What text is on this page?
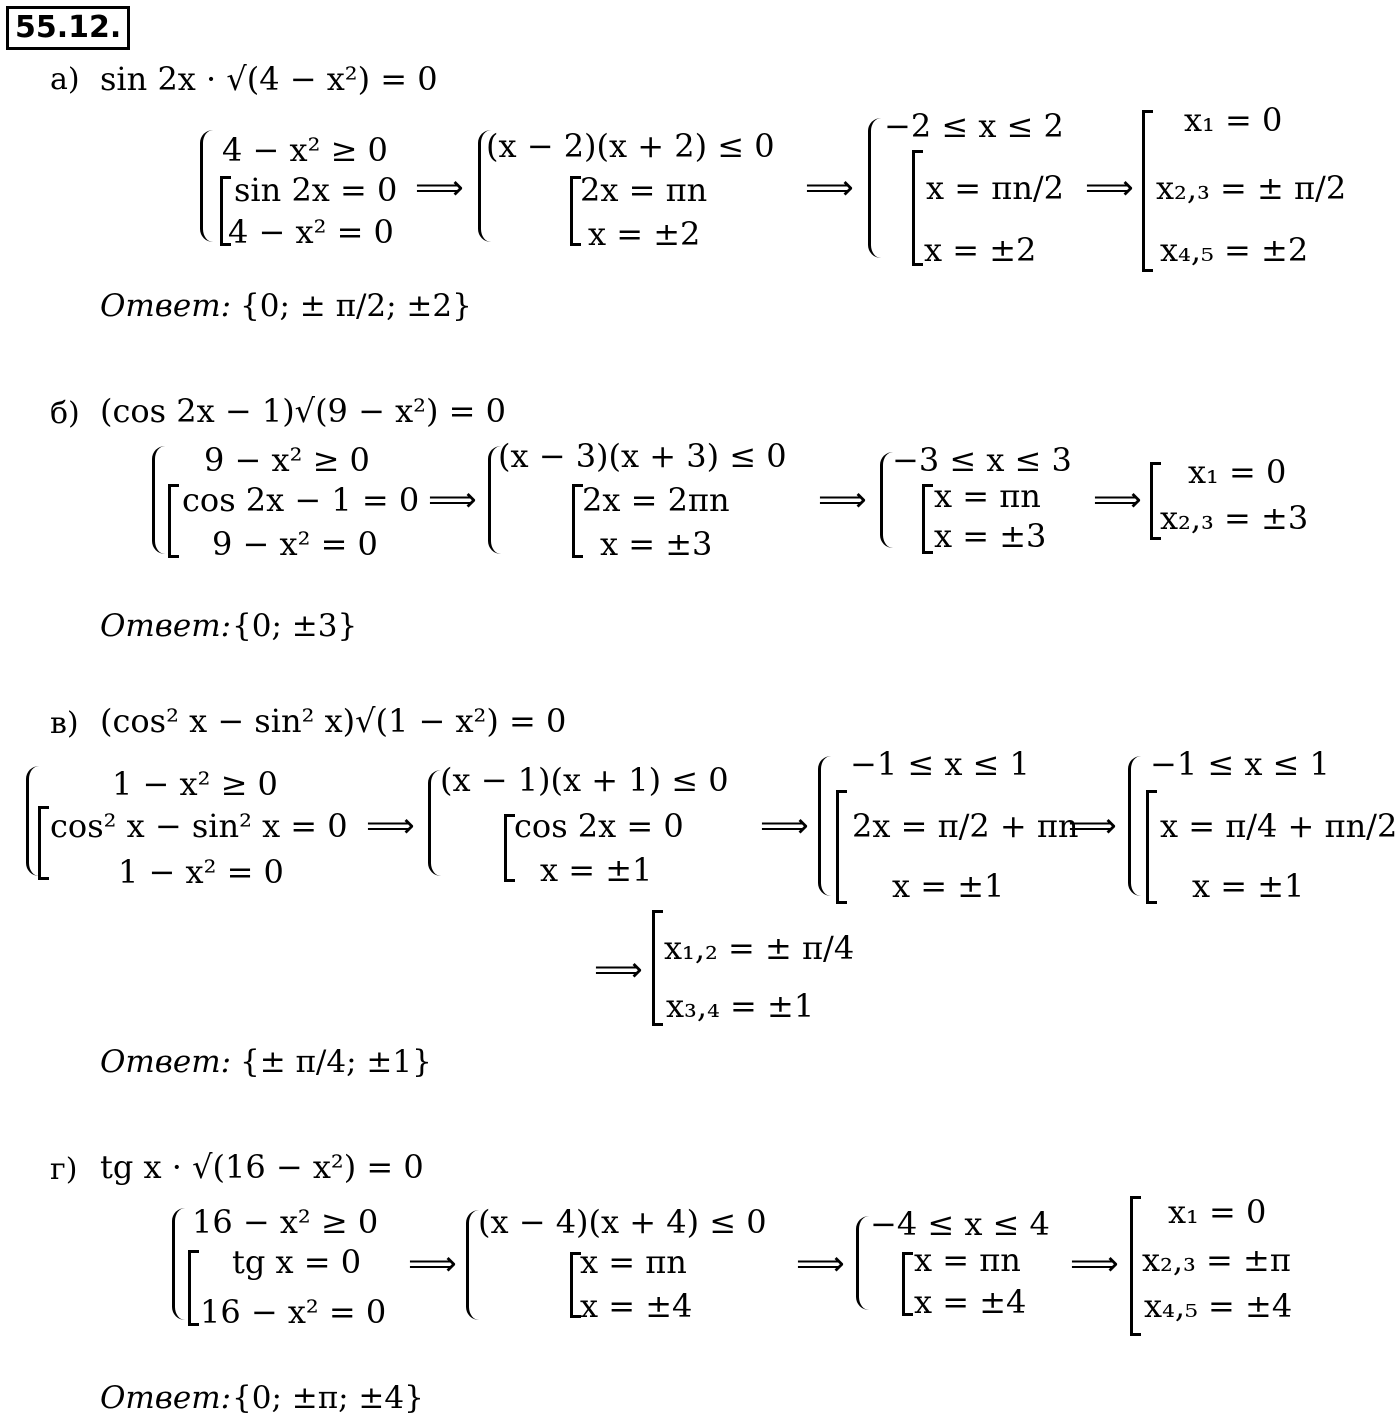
55.12.
а) sin 2x · √(4 − x²) = 0
4 − x² ≥ 0
sin 2x = 0
4 − x² = 0
⟹
(x − 2)(x + 2) ≤ 0
2x = πn
x = ±2
⟹
−2 ≤ x ≤ 2
x = πn/2
x = ±2
⟹
x₁ = 0
x₂,₃ = ± π/2
x₄,₅ = ±2
Ответ: {0; ± π/2; ±2}
б) (cos 2x − 1)√(9 − x²) = 0
9 − x² ≥ 0
cos 2x − 1 = 0
9 − x² = 0
⟹
(x − 3)(x + 3) ≤ 0
2x = 2πn
x = ±3
⟹
−3 ≤ x ≤ 3
x = πn
x = ±3
⟹
x₁ = 0
x₂,₃ = ±3
Ответ: {0; ±3}
в) (cos² x − sin² x)√(1 − x²) = 0
1 − x² ≥ 0
cos² x − sin² x = 0
1 − x² = 0
⟹
(x − 1)(x + 1) ≤ 0
cos 2x = 0
x = ±1
⟹
−1 ≤ x ≤ 1
2x = π/2 + πn
x = ±1
⟹
−1 ≤ x ≤ 1
x = π/4 + πn/2
x = ±1
⟹
x₁,₂ = ± π/4
x₃,₄ = ±1
Ответ: {± π/4; ±1}
г) tg x · √(16 − x²) = 0
16 − x² ≥ 0
tg x = 0
16 − x² = 0
⟹
(x − 4)(x + 4) ≤ 0
x = πn
x = ±4
⟹
−4 ≤ x ≤ 4
x = πn
x = ±4
⟹
x₁ = 0
x₂,₃ = ±π
x₄,₅ = ±4
Ответ: {0; ±π; ±4}
